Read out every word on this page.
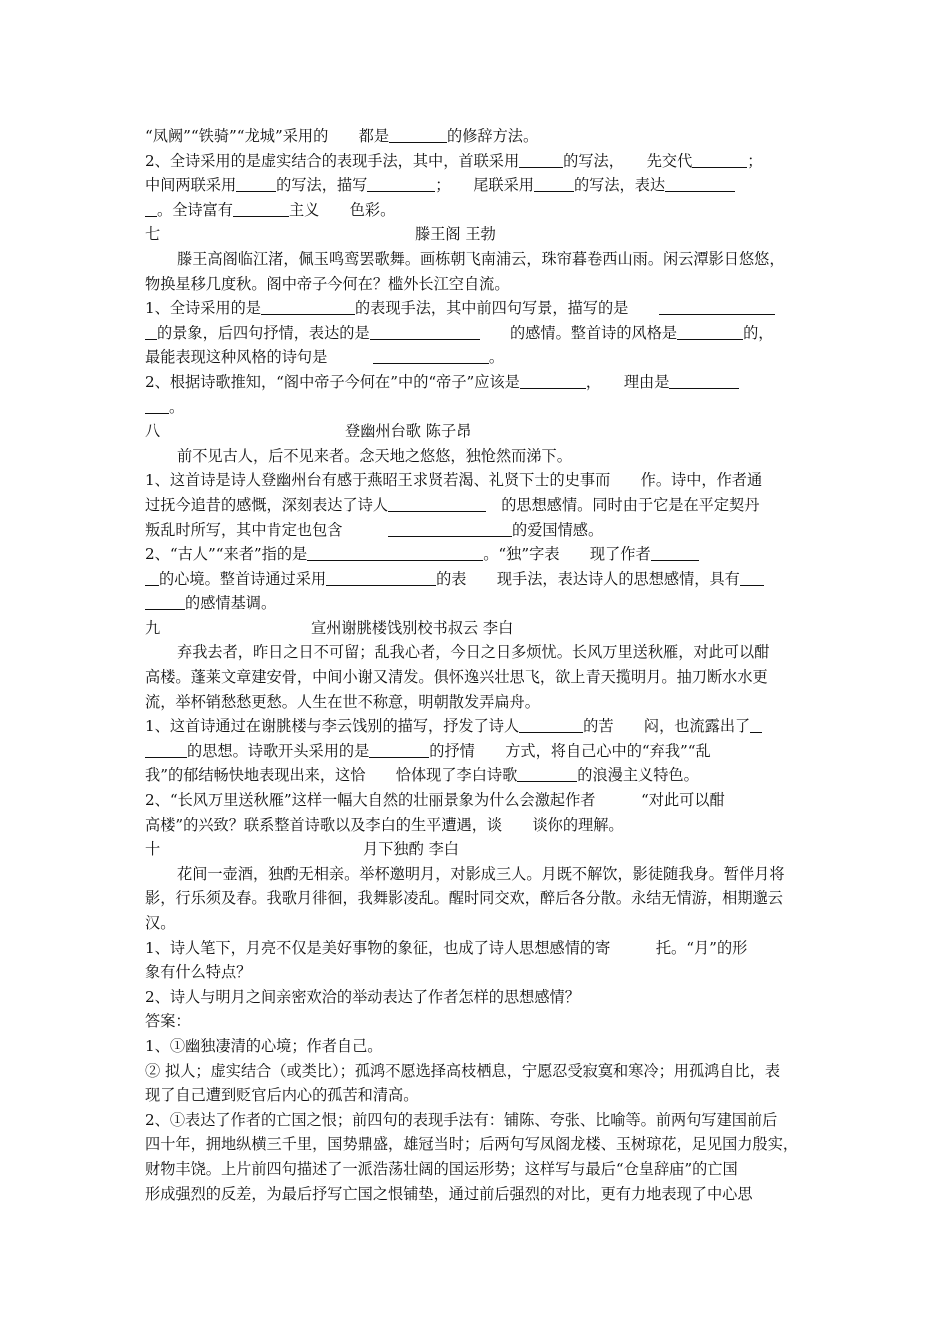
“凤阙”“铁骑”“龙城”采用的　　都是	的修辞方法。
2、全诗采用的是虚实结合的表现手法，其中，首联采用	的写法，　　先交代	；
中间两联采用	的写法，描写	；　　尾联采用	的写法，表达
。全诗富有	主义　　色彩。
七	滕王阁 王勃
滕王高阁临江渚，佩玉鸣鸾罢歌舞。画栋朝飞南浦云，珠帘暮卷西山雨。闲云潭影日悠悠，
物换星移几度秋。阁中帝子今何在？槛外长江空自流。
1、全诗采用的是	的表现手法，其中前四句写景，描写的是　　
的景象，后四句抒情，表达的是	　　的感情。整首诗的风格是	的，
最能表现这种风格的诗句是　　　	。
2、根据诗歌推知，“阁中帝子今何在”中的“帝子”应该是	，　　理由是
。
八	登幽州台歌 陈子昂
前不见古人，后不见来者。念天地之悠悠，独怆然而涕下。
1、这首诗是诗人登幽州台有感于燕昭王求贤若渴、礼贤下士的史事而　　作。诗中，作者通
过抚今追昔的感慨，深刻表达了诗人	　的思想感情。同时由于它是在平定契丹
叛乱时所写，其中肯定也包含　　　	的爱国情感。
2、“古人”“来者”指的是	。“独”字表　　现了作者
的心境。整首诗通过采用	的表　　现手法，表达诗人的思想感情，具有
的感情基调。
九	宣州谢朓楼饯别校书叔云 李白
弃我去者，昨日之日不可留；乱我心者，今日之日多烦忧。长风万里送秋雁，对此可以酣
高楼。蓬莱文章建安骨，中间小谢又清发。俱怀逸兴壮思飞，欲上青天揽明月。抽刀断水水更
流，举杯销愁愁更愁。人生在世不称意，明朝散发弄扁舟。
1、这首诗通过在谢朓楼与李云饯别的描写，抒发了诗人	的苦　　闷，也流露出了
的思想。诗歌开头采用的是	的抒情　　方式，将自己心中的“弃我”“乱
我”的郁结畅快地表现出来，这恰　　恰体现了李白诗歌	的浪漫主义特色。
2、“长风万里送秋雁”这样一幅大自然的壮丽景象为什么会激起作者　　　“对此可以酣
高楼”的兴致？联系整首诗歌以及李白的生平遭遇，谈　　谈你的理解。
十	月下独酌 李白
花间一壶酒，独酌无相亲。举杯邀明月，对影成三人。月既不解饮，影徒随我身。暂伴月将
影，行乐须及春。我歌月徘徊，我舞影凌乱。醒时同交欢，醉后各分散。永结无情游，相期邈云
汉。
1、诗人笔下，月亮不仅是美好事物的象征，也成了诗人思想感情的寄　　　托。“月”的形
象有什么特点？
2、诗人与明月之间亲密欢洽的举动表达了作者怎样的思想感情？
答案：
1、①幽独凄清的心境；作者自己。
② 拟人；虚实结合（或类比）；孤鸿不愿选择高枝栖息，宁愿忍受寂寞和寒冷；用孤鸿自比，表
现了自己遭到贬官后内心的孤苦和清高。
2、①表达了作者的亡国之恨；前四句的表现手法有：铺陈、夸张、比喻等。前两句写建国前后
四十年，拥地纵横三千里，国势鼎盛，雄冠当时；后两句写凤阁龙楼、玉树琼花，足见国力殷实，
财物丰饶。上片前四句描述了一派浩荡壮阔的国运形势；这样写与最后“仓皇辞庙”的亡国
形成强烈的反差，为最后抒写亡国之恨铺垫，通过前后强烈的对比，更有力地表现了中心思
